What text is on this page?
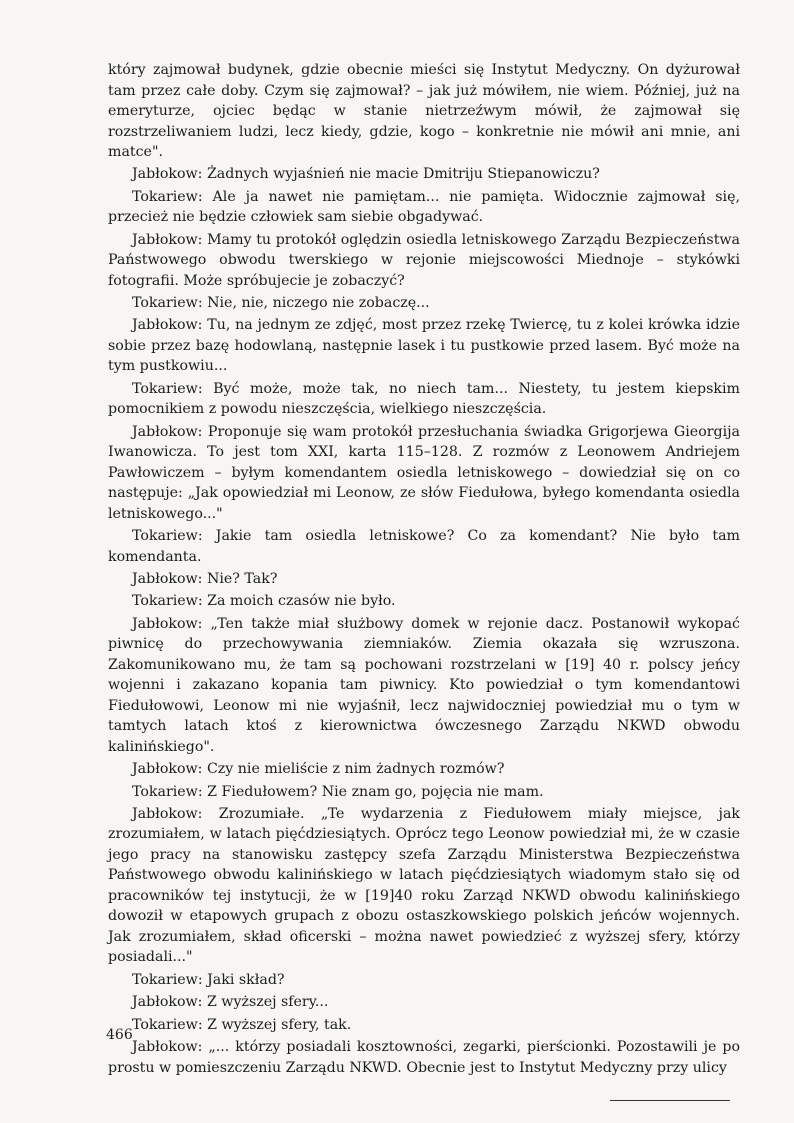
który zajmował budynek, gdzie obecnie mieści się Instytut Medyczny. On dyżurował tam przez całe doby. Czym się zajmował? – jak już mówiłem, nie wiem. Później, już na emeryturze, ojciec będąc w stanie nietrzeźwym mówił, że zajmował się rozstrzeliwaniem ludzi, lecz kiedy, gdzie, kogo – konkretnie nie mówił ani mnie, ani matce".

Jabłokow: Żadnych wyjaśnień nie macie Dmitriju Stiepanowiczu?

Tokariew: Ale ja nawet nie pamiętam... nie pamięta. Widocznie zajmował się, przecież nie będzie człowiek sam siebie obgadywać.

Jabłokow: Mamy tu protokół oględzin osiedla letniskowego Zarządu Bezpieczeństwa Państwowego obwodu twerskiego w rejonie miejscowości Miednoje – stykówki fotografii. Może spróbujecie je zobaczyć?

Tokariew: Nie, nie, niczego nie zobaczę...

Jabłokow: Tu, na jednym ze zdjęć, most przez rzekę Twiercę, tu z kolei krówka idzie sobie przez bazę hodowlaną, następnie lasek i tu pustkowie przed lasem. Być może na tym pustkowiu...

Tokariew: Być może, może tak, no niech tam... Niestety, tu jestem kiepskim pomocnikiem z powodu nieszczęścia, wielkiego nieszczęścia.

Jabłokow: Proponuje się wam protokół przesłuchania świadka Grigorjewa Gieorgija Iwanowicza. To jest tom XXI, karta 115–128. Z rozmów z Leonowem Andriejem Pawłowiczem – byłym komendantem osiedla letniskowego – dowiedział się on co następuje: „Jak opowiedział mi Leonow, ze słów Fiedułowa, byłego komendanta osiedla letniskowego..."

Tokariew: Jakie tam osiedla letniskowe? Co za komendant? Nie było tam komendanta.

Jabłokow: Nie? Tak?

Tokariew: Za moich czasów nie było.

Jabłokow: „Ten także miał służbowy domek w rejonie dacz. Postanowił wykopać piwnicę do przechowywania ziemniaków. Ziemia okazała się wzruszona. Zakomunikowano mu, że tam są pochowani rozstrzelani w [19] 40 r. polscy jeńcy wojenni i zakazano kopania tam piwnicy. Kto powiedział o tym komendantowi Fiedułowowi, Leonow mi nie wyjaśnił, lecz najwidoczniej powiedział mu o tym w tamtych latach ktoś z kierownictwa ówczesnego Zarządu NKWD obwodu kalinińskiego".

Jabłokow: Czy nie mieliście z nim żadnych rozmów?

Tokariew: Z Fiedułowem? Nie znam go, pojęcia nie mam.

Jabłokow: Zrozumiałe. „Te wydarzenia z Fiedułowem miały miejsce, jak zrozumiałem, w latach pięćdziesiątych. Oprócz tego Leonow powiedział mi, że w czasie jego pracy na stanowisku zastępcy szefa Zarządu Ministerstwa Bezpieczeństwa Państwowego obwodu kalinińskiego w latach pięćdziesiątych wiadomym stało się od pracowników tej instytucji, że w [19]40 roku Zarząd NKWD obwodu kalinińskiego dowoził w etapowych grupach z obozu ostaszkowskiego polskich jeńców wojennych. Jak zrozumiałem, skład oficerski – można nawet powiedzieć z wyższej sfery, którzy posiadali..."

Tokariew: Jaki skład?

Jabłokow: Z wyższej sfery...

Tokariew: Z wyższej sfery, tak.

Jabłokow: „... którzy posiadali kosztowności, zegarki, pierścionki. Pozostawili je po prostu w pomieszczeniu Zarządu NKWD. Obecnie jest to Instytut Medyczny przy ulicy

466
